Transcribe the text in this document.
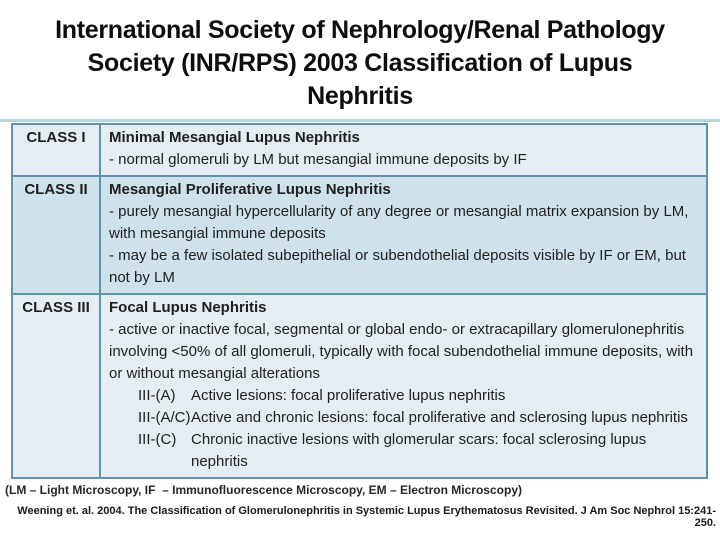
International Society of Nephrology/Renal Pathology
Society (INR/RPS) 2003 Classification of Lupus
Nephritis
CLASS I	Minimal Mesangial Lupus Nephritis
- normal glomeruli by LM but mesangial immune deposits by IF

CLASS II	Mesangial Proliferative Lupus Nephritis
- purely mesangial hypercellularity of any degree or mesangial matrix expansion by LM, with mesangial immune deposits
- may be a few isolated subepithelial or subendothelial deposits visible by IF or EM, but not by LM

CLASS III	Focal Lupus Nephritis
- active or inactive focal, segmental or global endo- or extracapillary glomerulonephritis involving <50% of all glomeruli, typically with focal subendothelial immune deposits, with or without mesangial alterations
III-(A)	Active lesions: focal proliferative lupus nephritis
III-(A/C) Active and chronic lesions: focal proliferative and sclerosing lupus nephritis
III-(C) Chronic inactive lesions with glomerular scars: focal sclerosing lupus nephritis
(LM – Light Microscopy, IF  – Immunofluorescence Microscopy, EM – Electron Microscopy)
Weening et. al. 2004. The Classification of Glomerulonephritis in Systemic Lupus Erythematosus Revisited. J Am Soc Nephrol 15:241-250.
